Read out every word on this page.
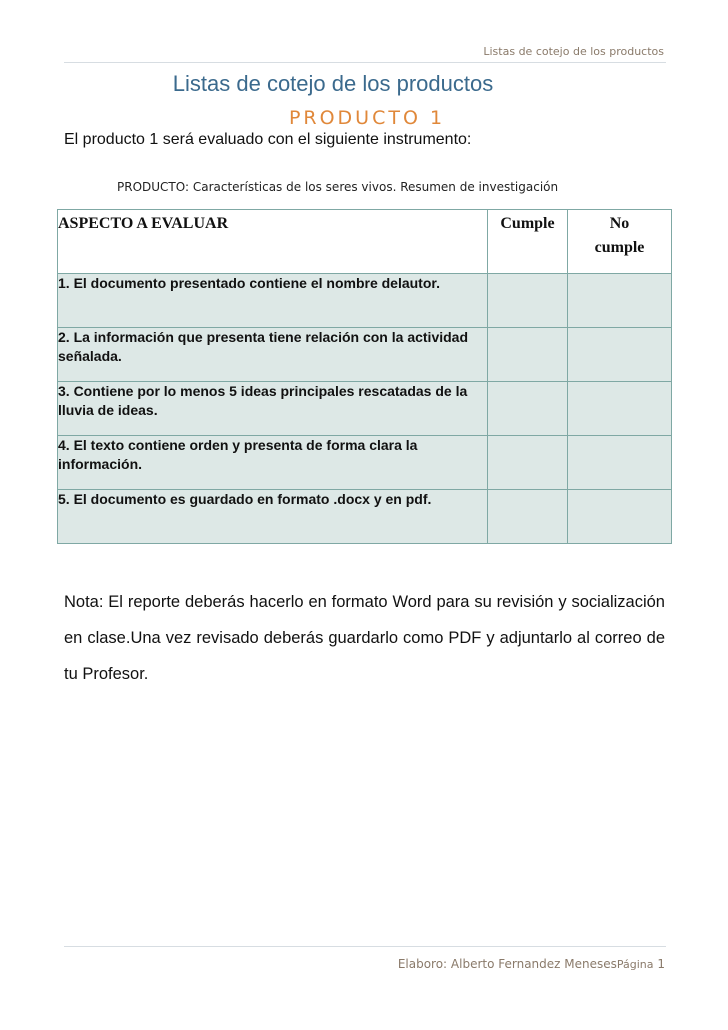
Listas de cotejo de los productos
Listas de cotejo de los productos
PRODUCTO 1
El producto 1 será evaluado con el siguiente instrumento:
PRODUCTO: Características de los seres vivos. Resumen de investigación
ASPECTO A EVALUAR	Cumple	No
cumple
1. El documento presentado contiene el nombre delautor.		
2. La información que presenta tiene relación con la actividad señalada.		
3. Contiene por lo menos 5 ideas principales rescatadas de la lluvia de ideas.		
4. El texto contiene orden y presenta de forma clara la información.		
5. El documento es guardado en formato .docx y en pdf.		
Nota: El reporte deberás hacerlo en formato Word para su revisión y socialización en clase.Una vez revisado deberás guardarlo como PDF y adjuntarlo al correo de tu Profesor.
Elaboro: Alberto Fernandez MenesesPágina 1
